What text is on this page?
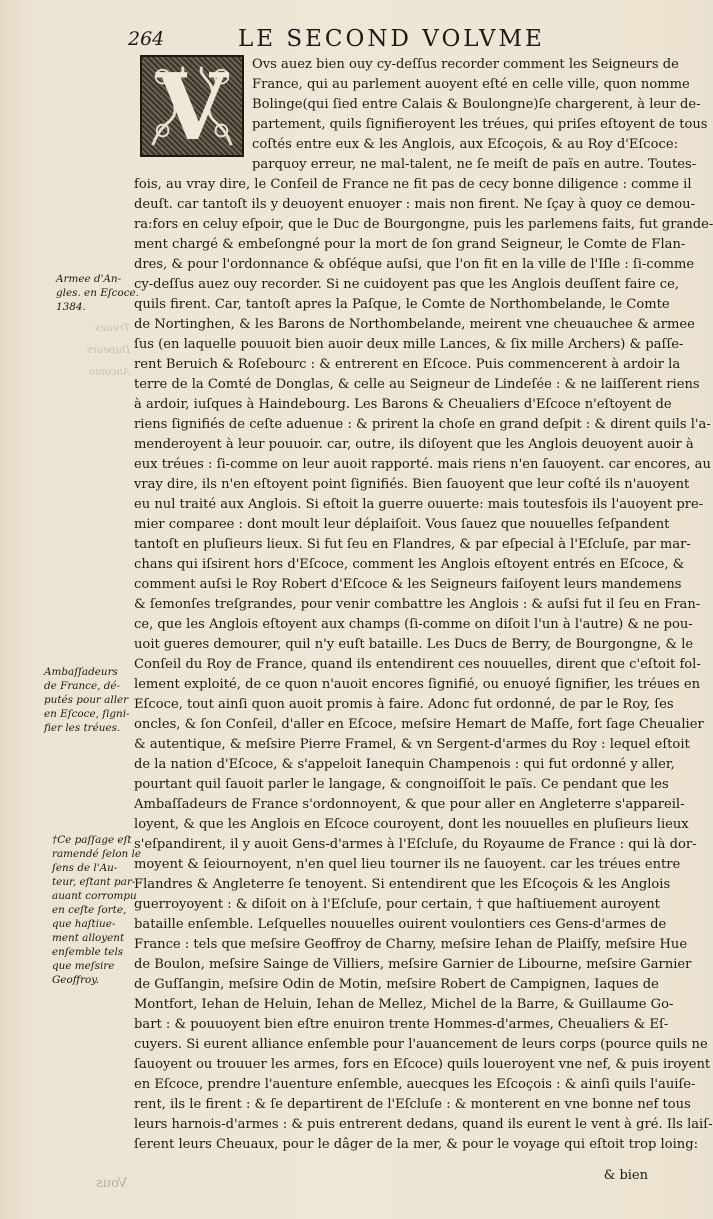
264	LE SECOND VOLVME
V	Ovs auez bien ouy cy-deſſus recorder comment les Seigneurs de
France, qui au parlement auoyent eſté en celle ville, quon nomme
Bolinge(qui ſied entre Calais & Boulongne)ſe chargerent, à leur de-
partement, quils ſignifieroyent les tréues, qui priſes eſtoyent de tous
coſtés entre eux & les Anglois, aux Eſcoçois, & au Roy d'Eſcoce:
parquoy erreur, ne mal-talent, ne ſe meiſt de païs en autre. Toutes-
fois, au vray dire, le Conſeil de France ne fit pas de cecy bonne diligence : comme il
deuſt. car tantoſt ils y deuoyent enuoyer : mais non firent. Ne ſçay à quoy ce demou-
ra:fors en celuy eſpoir, que le Duc de Bourgongne, puis les parlemens faits, fut grande-
ment chargé & embeſongné pour la mort de ſon grand Seigneur, le Comte de Flan-
dres, & pour l'ordonnance & obſéque auſsi, que l'on fit en la ville de l'Iſle : ſi-comme
cy-deſſus auez ouy recorder. Si ne cuidoyent pas que les Anglois deuſſent faire ce,
quils firent. Car, tantoſt apres la Paſque, le Comte de Northombelande, le Comte
de Nortinghen, & les Barons de Northombelande, meirent vne cheuauchee & armee
ſus (en laquelle pouuoit bien auoir deux mille Lances, & ſix mille Archers) & paſſe-
rent Beruich & Roſebourc : & entrerent en Eſcoce. Puis commencerent à ardoir la
terre de la Comté de Donglas, & celle au Seigneur de Lindeſée : & ne laiſſerent riens
à ardoir, iuſques à Haindebourg. Les Barons & Cheualiers d'Eſcoce n'eſtoyent de
riens ſignifiés de ceſte aduenue : & prirent la choſe en grand deſpit : & dirent quils l'a-
menderoyent à leur pouuoir. car, outre, ils diſoyent que les Anglois deuoyent auoir à
eux tréues : ſi-comme on leur auoit rapporté. mais riens n'en ſauoyent. car encores, au
vray dire, ils n'en eſtoyent point ſignifiés. Bien ſauoyent que leur coſté ils n'auoyent
eu nul traité aux Anglois. Si eſtoit la guerre ouuerte: mais toutesfois ils l'auoyent pre-
mier comparee : dont moult leur déplaiſoit. Vous ſauez que nouuelles ſeſpandent
tantoſt en pluſieurs lieux. Si fut ſeu en Flandres, & par eſpecial à l'Eſcluſe, par mar-
chans qui iſsirent hors d'Eſcoce, comment les Anglois eſtoyent entrés en Eſcoce, &
comment auſsi le Roy Robert d'Eſcoce & les Seigneurs faiſoyent leurs mandemens
& ſemonſes treſgrandes, pour venir combattre les Anglois : & auſsi fut il ſeu en Fran-
ce, que les Anglois eſtoyent aux champs (ſi-comme on diſoit l'un à l'autre) & ne pou-
uoit gueres demourer, quil n'y euſt bataille. Les Ducs de Berry, de Bourgongne, & le
Conſeil du Roy de France, quand ils entendirent ces nouuelles, dirent que c'eſtoit fol-
lement exploité, de ce quon n'auoit encores ſignifié, ou enuoyé ſignifier, les tréues en
Eſcoce, tout ainſi quon auoit promis à faire. Adonc fut ordonné, de par le Roy, ſes
oncles, & ſon Conſeil, d'aller en Eſcoce, meſsire Hemart de Maſſe, fort ſage Cheualier
& autentique, & meſsire Pierre Framel, & vn Sergent-d'armes du Roy : lequel eſtoit
de la nation d'Eſcoce, & s'appeloit Ianequin Champenois : qui fut ordonné y aller,
pourtant quil ſauoit parler le langage, & congnoiſſoit le païs. Ce pendant que les
Ambaſſadeurs de France s'ordonnoyent, & que pour aller en Angleterre s'appareil-
loyent, & que les Anglois en Eſcoce couroyent, dont les nouuelles en pluſieurs lieux
s'eſpandirent, il y auoit Gens-d'armes à l'Eſcluſe, du Royaume de France : qui là dor-
moyent & ſeiournoyent, n'en quel lieu tourner ils ne ſauoyent. car les tréues entre
Flandres & Angleterre ſe tenoyent. Si entendirent que les Eſcoçois & les Anglois
guerroyoyent : & diſoit on à l'Eſcluſe, pour certain, † que haſtiuement auroyent
bataille enſemble. Leſquelles nouuelles ouirent voulontiers ces Gens-d'armes de
France : tels que meſsire Geoffroy de Charny, meſsire Iehan de Plaiſſy, meſsire Hue
de Boulon, meſsire Sainge de Villiers, meſsire Garnier de Libourne, meſsire Garnier
de Guſſangin, meſsire Odin de Motin, meſsire Robert de Campignen, Iaques de
Montfort, Iehan de Heluin, Iehan de Mellez, Michel de la Barre, & Guillaume Go-
bart : & pouuoyent bien eſtre enuiron trente Hommes-d'armes, Cheualiers & Eſ-
cuyers. Si eurent alliance enſemble pour l'auancement de leurs corps (pource quils ne
ſauoyent ou trouuer les armes, fors en Eſcoce) quils loueroyent vne nef, & puis iroyent
en Eſcoce, prendre l'auenture enſemble, auecques les Eſcoçois : & ainſi quils l'auiſe-
rent, ils le firent : & ſe departirent de l'Eſcluſe : & monterent en vne bonne nef tous
leurs harnois-d'armes : & puis entrerent dedans, quand ils eurent le vent à gré. Ils laiſ-
ſerent leurs Cheuaux, pour le dâger de la mer, & pour le voyage qui eſtoit trop loing:
Tréues
Dupeurs
Anconio
Armee d'An-
gles. en Eſcoce.
1384.
Ambaſſadeurs
de France, dé-
putés pour aller
en Eſcoce, ſigni-
fier les tréues.
†Ce paſſage eſt
ramendé ſelon le
ſens de l'Au-
teur, eſtant par-
auant corrompu
en ceſte ſorte,
que haſtiue-
ment alloyent
enſemble tels
que meſsire
Geoffroy.
Vous
& bien
